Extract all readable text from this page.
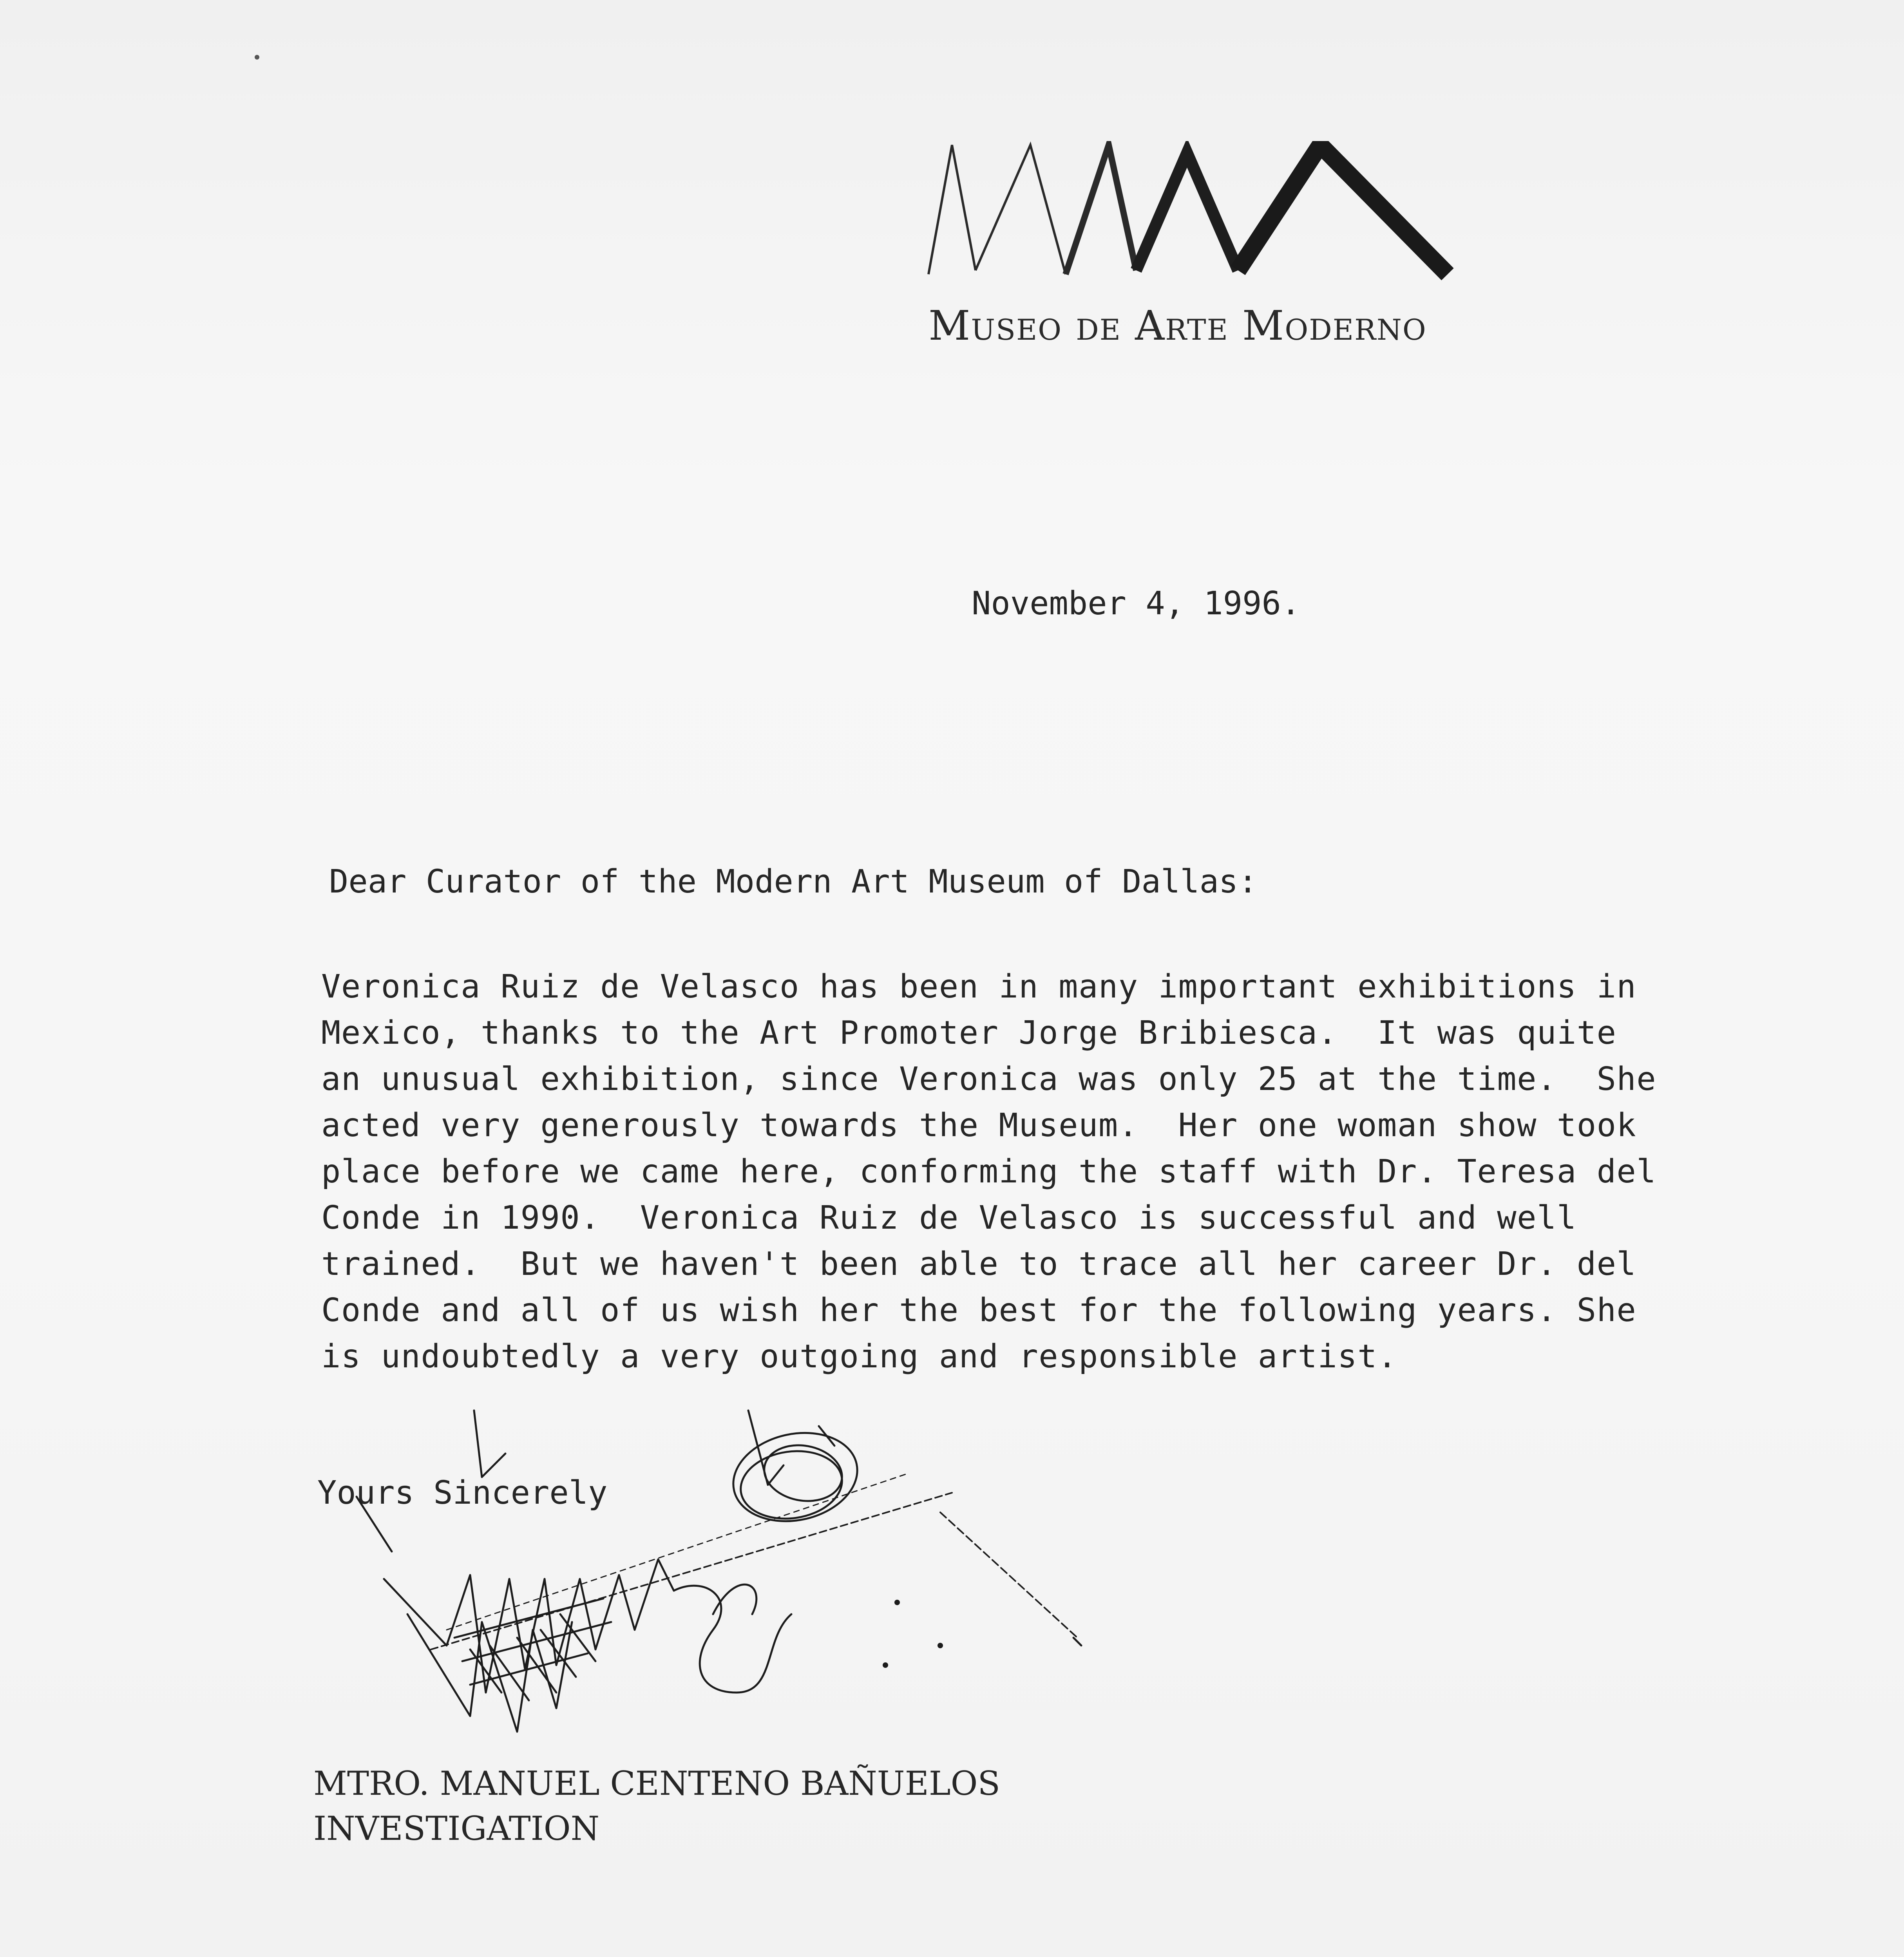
Museo de Arte Moderno

November 4, 1996.

Dear Curator of the Modern Art Museum of Dallas:

Veronica Ruiz de Velasco has been in many important exhibitions in
Mexico, thanks to the Art Promoter Jorge Bribiesca.  It was quite
an unusual exhibition, since Veronica was only 25 at the time.  She
acted very generously towards the Museum.  Her one woman show took
place before we came here, conforming the staff with Dr. Teresa del
Conde in 1990.  Veronica Ruiz de Velasco is successful and well
trained.  But we haven't been able to trace all her career Dr. del
Conde and all of us wish her the best for the following years. She
is undoubtedly a very outgoing and responsible artist.

Yours Sincerely

MTRO. MANUEL CENTENO BAÑUELOS

INVESTIGATION
